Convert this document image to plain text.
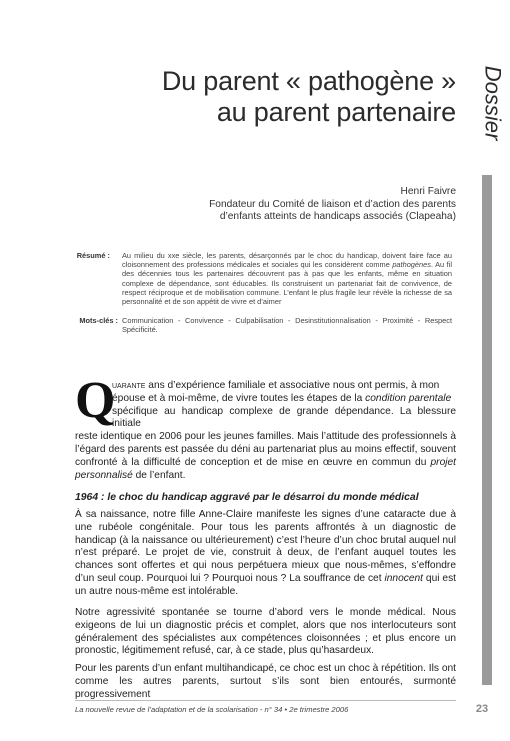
Dossier
Du parent « pathogène »
au parent partenaire
Henri Faivre
Fondateur du Comité de liaison et d’action des parents
d’enfants atteints de handicaps associés (Clapeaha)
Résumé : Au milieu du xxe siècle, les parents, désarçonnés par le choc du handicap, doivent faire face au cloisonnement des professions médicales et sociales qui les considèrent comme pathogènes. Au fil des décennies tous les partenaires découvrent pas à pas que les enfants, même en situation complexe de dépendance, sont éducables. Ils construisent un partenariat fait de convivence, de respect réciproque et de mobilisation commune. L’enfant le plus fragile leur révèle la richesse de sa personnalité et de son appétit de vivre et d’aimer
Mots-clés : Communication - Convivence - Culpabilisation - Desinstitutionnalisation - Proximité - Respect Spécificité.
Q
uarante ans d’expérience familiale et associative nous ont permis, à mon
épouse et à moi-même, de vivre toutes les étapes de la condition parentale
spécifique au handicap complexe de grande dépendance. La blessure initiale
reste identique en 2006 pour les jeunes familles. Mais l’attitude des professionnels à l’égard des parents est passée du déni au partenariat plus au moins effectif, souvent confronté à la difficulté de conception et de mise en œuvre en commun du projet personnalisé de l’enfant.
1964 : le choc du handicap aggravé par le désarroi du monde médical
À sa naissance, notre fille Anne-Claire manifeste les signes d’une cataracte due à une rubéole congénitale. Pour tous les parents affrontés à un diagnostic de handicap (à la naissance ou ultérieurement) c’est l’heure d’un choc brutal auquel nul n’est préparé. Le projet de vie, construit à deux, de l’enfant auquel toutes les chances sont offertes et qui nous perpétuera mieux que nous-mêmes, s’effondre d’un seul coup. Pourquoi lui ? Pourquoi nous ? La souffrance de cet innocent qui est un autre nous-même est intolérable.
Notre agressivité spontanée se tourne d’abord vers le monde médical. Nous exigeons de lui un diagnostic précis et complet, alors que nos interlocuteurs sont généralement des spécialistes aux compétences cloisonnées ; et plus encore un pronostic, légitimement refusé, car, à ce stade, plus qu’hasardeux.
Pour les parents d’un enfant multihandicapé, ce choc est un choc à répétition. Ils ont comme les autres parents, surtout s’ils sont bien entourés, surmonté progressivement
La nouvelle revue de l’adaptation et de la scolarisation - n° 34 • 2e trimestre 2006	23
